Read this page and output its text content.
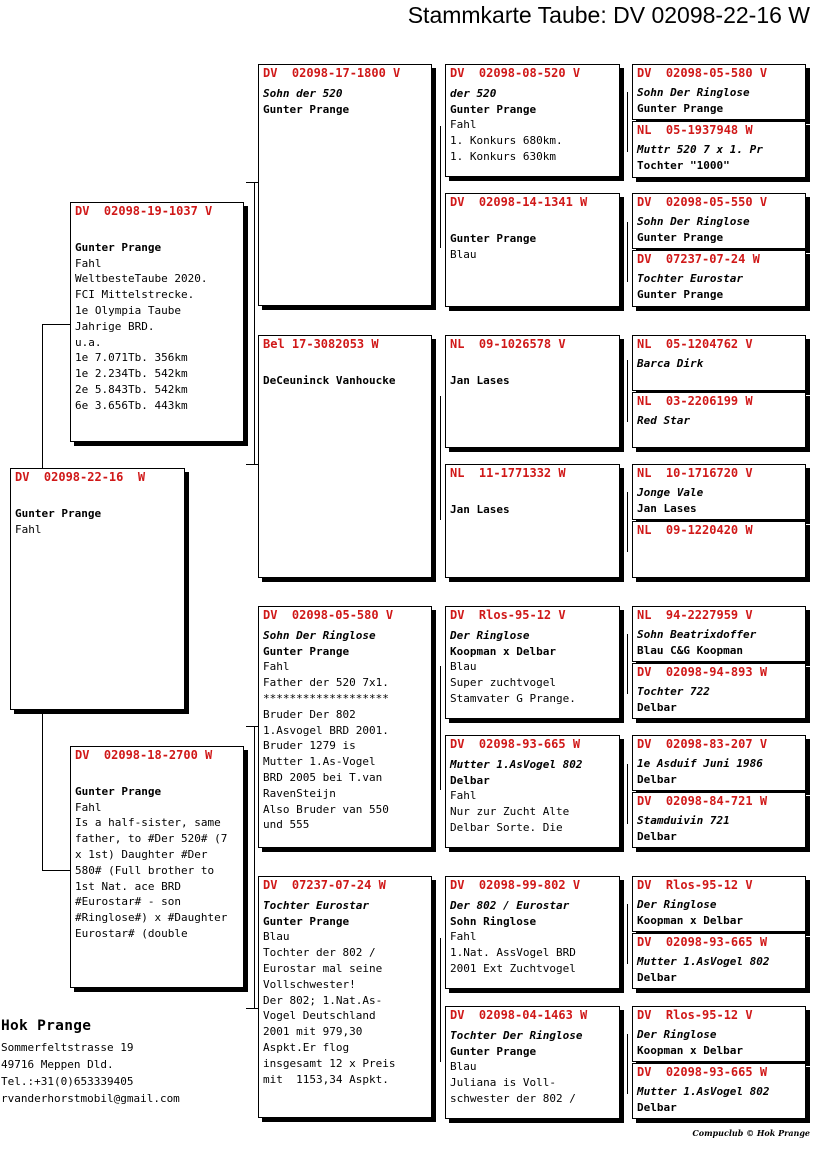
Stammkarte Taube: DV 02098-22-16 W
DV  02098-22-16  W
Gunter Prange
Fahl
DV  02098-19-1037 V
Gunter Prange
Fahl
WeltbesteTaube 2020.
FCI Mittelstrecke.
1e Olympia Taube
Jahrige BRD.
u.a.
1e 7.071Tb. 356km
1e 2.234Tb. 542km
2e 5.843Tb. 542km
6e 3.656Tb. 443km
DV  02098-18-2700 W
Gunter Prange
Fahl
Is a half-sister, same father, to #Der 520# (7 x 1st) Daughter #Der 580# (Full brother to 1st Nat. ace BRD #Eurostar# - son #Ringlose#) x #Daughter Eurostar# (double
DV  02098-17-1800 V
Sohn der 520
Gunter Prange
Bel 17-3082053 W
DeCeuninck Vanhoucke
DV  02098-05-580 V
Sohn Der Ringlose
Gunter Prange
Fahl
Father der 520 7x1.
*******************
Bruder Der 802
1.Asvogel BRD 2001.
Bruder 1279 is
Mutter 1.As-Vogel
BRD 2005 bei T.van
RavenSteijn
Also Bruder van 550
und 555
DV  07237-07-24 W
Tochter Eurostar
Gunter Prange
Blau
Tochter der 802 /
Eurostar mal seine
Vollschwester!
Der 802; 1.Nat.As-
Vogel Deutschland
2001 mit 979,30
Aspkt.Er flog
insgesamt 12 x Preis
mit  1153,34 Aspkt.
DV  02098-08-520 V
der 520
Gunter Prange
Fahl
1. Konkurs 680km.
1. Konkurs 630km
DV  02098-14-1341 W
Gunter Prange
Blau
NL  09-1026578 V
Jan Lases
NL  11-1771332 W
Jan Lases
DV  Rlos-95-12 V
Der Ringlose
Koopman x Delbar
Blau
Super zuchtvogel
Stamvater G Prange.
DV  02098-93-665 W
Mutter 1.AsVogel 802
Delbar
Fahl
Nur zur Zucht Alte
Delbar Sorte. Die
DV  02098-99-802 V
Der 802 / Eurostar
Sohn Ringlose
Fahl
1.Nat. AssVogel BRD
2001 Ext Zuchtvogel
DV  02098-04-1463 W
Tochter Der Ringlose
Gunter Prange
Blau
Juliana is Voll-
schwester der 802 /
DV  02098-05-580 V
Sohn Der Ringlose
Gunter Prange
NL  05-1937948 W
Muttr 520 7 x 1. Pr
Tochter "1000"
DV  02098-05-550 V
Sohn Der Ringlose
Gunter Prange
DV  07237-07-24 W
Tochter Eurostar
Gunter Prange
NL  05-1204762 V
Barca Dirk
NL  03-2206199 W
Red Star
NL  10-1716720 V
Jonge Vale
Jan Lases
NL  09-1220420 W
NL  94-2227959 V
Sohn Beatrixdoffer
Blau C&G Koopman
DV  02098-94-893 W
Tochter 722
Delbar
DV  02098-83-207 V
1e Asduif Juni 1986
Delbar
DV  02098-84-721 W
Stamduivin 721
Delbar
DV  Rlos-95-12 V
Der Ringlose
Koopman x Delbar
DV  02098-93-665 W
Mutter 1.AsVogel 802
Delbar
DV  Rlos-95-12 V
Der Ringlose
Koopman x Delbar
DV  02098-93-665 W
Mutter 1.AsVogel 802
Delbar
Hok Prange
Sommerfeltstrasse 19
49716 Meppen Dld.
Tel.:+31(0)653339405
rvanderhorstmobil@gmail.com
Compuclub © Hok Prange
